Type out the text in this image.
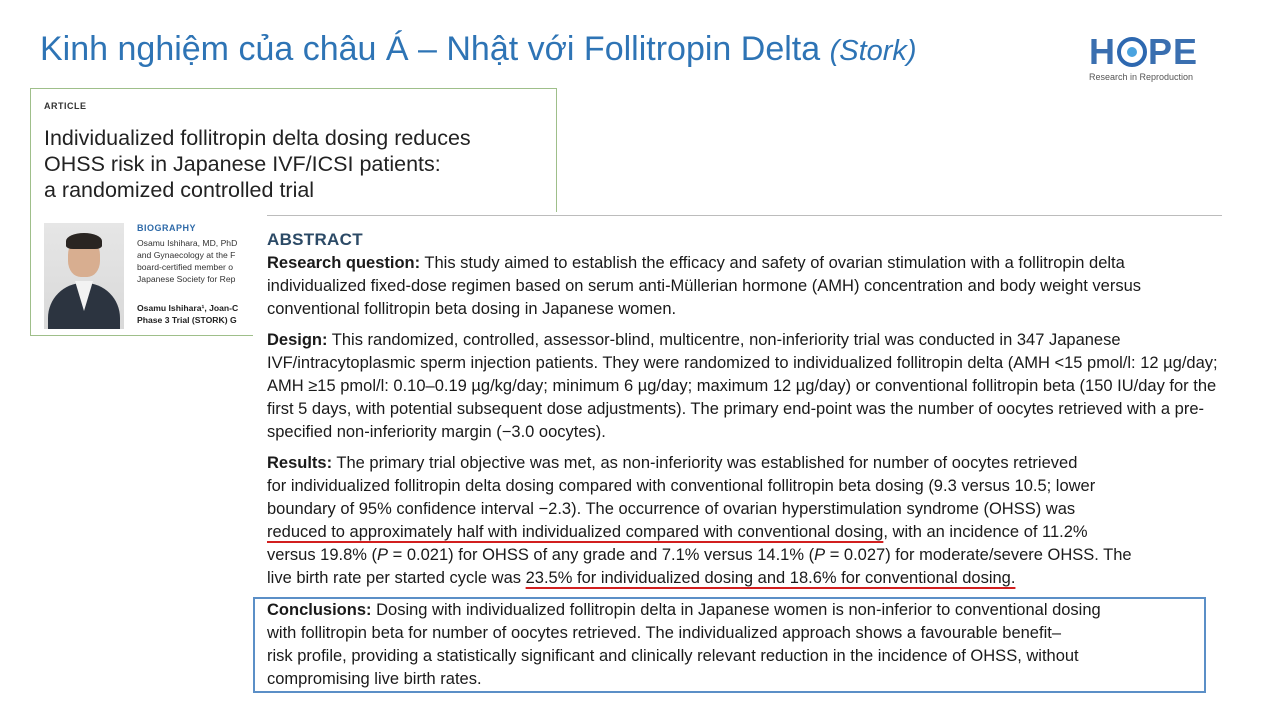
Kinh nghiệm của châu Á – Nhật với Follitropin Delta (Stork)	H PE
Research in Reproduction
ARTICLE
Individualized follitropin delta dosing reduces
OHSS risk in Japanese IVF/ICSI patients:
a randomized controlled trial
BIOGRAPHY
Osamu Ishihara, MD, PhD
and Gynaecology at the F
board-certified member o
Japanese Society for Rep
Osamu Ishihara¹, Joan-C
Phase 3 Trial (STORK) G
ABSTRACT
Research question: This study aimed to establish the efficacy and safety of ovarian stimulation with a follitropin delta individualized fixed-dose regimen based on serum anti-Müllerian hormone (AMH) concentration and body weight versus conventional follitropin beta dosing in Japanese women.
Design: This randomized, controlled, assessor-blind, multicentre, non-inferiority trial was conducted in 347 Japanese IVF/intracytoplasmic sperm injection patients. They were randomized to individualized follitropin delta (AMH <15 pmol/l: 12 µg/day; AMH ≥15 pmol/l: 0.10–0.19 µg/kg/day; minimum 6 µg/day; maximum 12 µg/day) or conventional follitropin beta (150 IU/day for the first 5 days, with potential subsequent dose adjustments). The primary end-point was the number of oocytes retrieved with a pre-specified non-inferiority margin (−3.0 oocytes).
Results: The primary trial objective was met, as non-inferiority was established for number of oocytes retrieved
for individualized follitropin delta dosing compared with conventional follitropin beta dosing (9.3 versus 10.5; lower
boundary of 95% confidence interval −2.3). The occurrence of ovarian hyperstimulation syndrome (OHSS) was
reduced to approximately half with individualized compared with conventional dosing, with an incidence of 11.2%
versus 19.8% (P = 0.021) for OHSS of any grade and 7.1% versus 14.1% (P = 0.027) for moderate/severe OHSS. The
live birth rate per started cycle was 23.5% for individualized dosing and 18.6% for conventional dosing.
Conclusions: Dosing with individualized follitropin delta in Japanese women is non-inferior to conventional dosing
with follitropin beta for number of oocytes retrieved. The individualized approach shows a favourable benefit–
risk profile, providing a statistically significant and clinically relevant reduction in the incidence of OHSS, without
compromising live birth rates.
